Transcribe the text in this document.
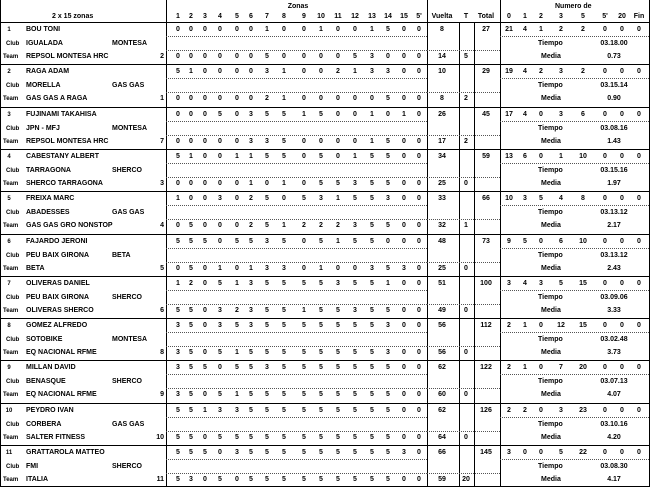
2 x 15 zonas
Zonas
1	2	3	4	5	6	7	8	9	10	11	12	13	14	15	5'	Vuelta	T	Total
Numero de
0	1	2	3	5	5'	20	Fin
1	BOU TONI
Club IGUALADA	MONTESA
Team REPSOL MONTESA HRC	2
0	0	0	0	0	0	1	0	0	1	0	0	1	5	0	0	8
0	0	0	0	0	0	5	0	0	0	0	5	3	0	0	0	14	5
27	21	4	1	2	2	0	0	0
Tiempo	03.18.00
Media	0.73
2	RAGA ADAM
Club MORELLA	GAS GAS
Team GAS GAS A RAGA	1
5	1	0	0	0	0	3	1	0	0	2	1	3	3	0	0	10
0	0	0	0	0	0	2	1	0	0	0	0	0	5	0	0	8	2
29	19	4	2	3	2	0	0	0
Tiempo	03.15.14
Media	0.90
3	FUJINAMI TAKAHISA
Club JPN - MFJ	MONTESA
Team REPSOL MONTESA HRC	7
0	0	0	5	0	3	5	5	1	5	0	0	1	0	1	0	26
0	0	0	0	0	3	3	5	0	0	0	0	1	5	0	0	17	2
45	17	4	0	3	6	0	0	0
Tiempo	03.08.16
Media	1.43
4	CABESTANY ALBERT
Club TARRAGONA	SHERCO
Team SHERCO TARRAGONA	3
5	1	0	0	1	1	5	5	0	5	0	1	5	5	0	0	34
0	0	0	0	0	1	0	1	0	5	5	3	5	5	0	0	25	0
59	13	6	0	1	10	0	0	0
Tiempo	03.15.16
Media	1.97
5	FREIXA MARC
Club ABADESSES	GAS GAS
Team GAS GAS GRO NONSTOP	4
1	0	0	3	0	2	5	0	5	3	1	5	5	3	0	0	33
0	5	0	0	0	2	5	1	2	2	2	3	5	5	0	0	32	1
66	10	3	5	4	8	0	0	0
Tiempo	03.13.12
Media	2.17
6	FAJARDO JERONI
Club PEU BAIX GIRONA	BETA
Team BETA	5
5	5	5	0	5	5	3	5	0	5	1	5	5	0	0	0	48
0	5	0	1	0	1	3	3	0	1	0	0	3	5	3	0	25	0
73	9	5	0	6	10	0	0	0
Tiempo	03.13.12
Media	2.43
7	OLIVERAS DANIEL
Club PEU BAIX GIRONA	SHERCO
Team OLIVERAS SHERCO	6
1	2	0	5	1	3	5	5	5	5	3	5	5	1	0	0	51
5	5	0	3	2	3	5	5	1	5	5	3	5	5	0	0	49	0
100	3	4	3	5	15	0	0	0
Tiempo	03.09.06
Media	3.33
8	GOMEZ ALFREDO
Club SOTOBIKE	MONTESA
Team EQ NACIONAL RFME	8
3	5	0	3	5	3	5	5	5	5	5	5	5	3	0	0	56
3	5	0	5	1	5	5	5	5	5	5	5	5	3	0	0	56	0
112	2	1	0	12	15	0	0	0
Tiempo	03.02.48
Media	3.73
9	MILLAN DAVID
Club BENASQUE	SHERCO
Team EQ NACIONAL RFME	9
3	5	5	0	5	5	3	5	5	5	5	5	5	5	0	0	62
3	5	0	5	1	5	5	5	5	5	5	5	5	5	0	0	60	0
122	2	1	0	7	20	0	0	0
Tiempo	03.07.13
Media	4.07
10	PEYDRO IVAN
Club CORBERA	GAS GAS
Team SALTER FITNESS	10
5	5	1	3	3	5	5	5	5	5	5	5	5	5	0	0	62
5	5	0	5	5	5	5	5	5	5	5	5	5	5	0	0	64	0
126	2	2	0	3	23	0	0	0
Tiempo	03.10.16
Media	4.20
11	GRATTAROLA MATTEO
Club FMI	SHERCO
Team ITALIA	11
5	5	5	0	3	5	5	5	5	5	5	5	5	5	3	0	66
5	3	0	5	0	5	5	5	5	5	5	5	5	5	0	0	59	20
145	3	0	0	5	22	0	0	0
Tiempo	03.08.30
Media	4.17
